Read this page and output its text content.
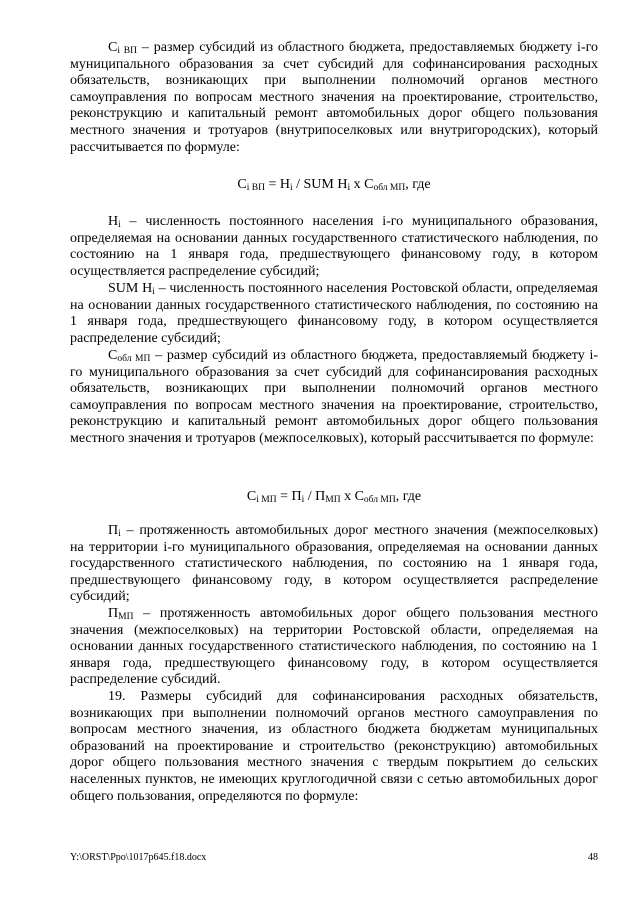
$C_{i ВП}$ – размер субсидий из областного бюджета, предоставляемых бюджету i-го муниципального образования за счет субсидий для софинансирования расходных обязательств, возникающих при выполнении полномочий органов местного самоуправления по вопросам местного значения на проектирование, строительство, реконструкцию и капитальный ремонт автомобильных дорог общего пользования местного значения и тротуаров (внутрипоселковых или внутригородских), который рассчитывается по формуле:

$С_{i ВП} = Н_i$ / SUM $Н_i$ х $С_{обл МП}$, где

$Н_i$ – численность постоянного населения i-го муниципального образования, определяемая на основании данных государственного статистического наблюдения, по состоянию на 1 января года, предшествующего финансовому году, в котором осуществляется распределение субсидий;

SUM $Н_i$ – численность постоянного населения Ростовской области, определяемая на основании данных государственного статистического наблюдения, по состоянию на 1 января года, предшествующего финансовому году, в котором осуществляется распределение субсидий;

$С_{обл МП}$ – размер субсидий из областного бюджета, предоставляемый бюджету i-го муниципального образования за счет субсидий для софинансирования расходных обязательств, возникающих при выполнении полномочий органов местного самоуправления по вопросам местного значения на проектирование, строительство, реконструкцию и капитальный ремонт автомобильных дорог общего пользования местного значения и тротуаров (межпоселковых), который рассчитывается по формуле:

$С_{i МП} = П_i / П_{МП}$ х $С_{обл МП}$, где

$П_i$ – протяженность автомобильных дорог местного значения (межпоселковых) на территории i-го муниципального образования, определяемая на основании данных государственного статистического наблюдения, по состоянию на 1 января года, предшествующего финансовому году, в котором осуществляется распределение субсидий;

$П_{МП}$ – протяженность автомобильных дорог общего пользования местного значения (межпоселковых) на территории Ростовской области, определяемая на основании данных государственного статистического наблюдения, по состоянию на 1 января года, предшествующего финансовому году, в котором осуществляется распределение субсидий.

19. Размеры субсидий для софинансирования расходных обязательств, возникающих при выполнении полномочий органов местного самоуправления по вопросам местного значения, из областного бюджета бюджетам муниципальных образований на проектирование и строительство (реконструкцию) автомобильных дорог общего пользования местного значения с твердым покрытием до сельских населенных пунктов, не имеющих круглогодичной связи с сетью автомобильных дорог общего пользования, определяются по формуле:

Y:\ORST\Ppo\1017p645.f18.docx	48
